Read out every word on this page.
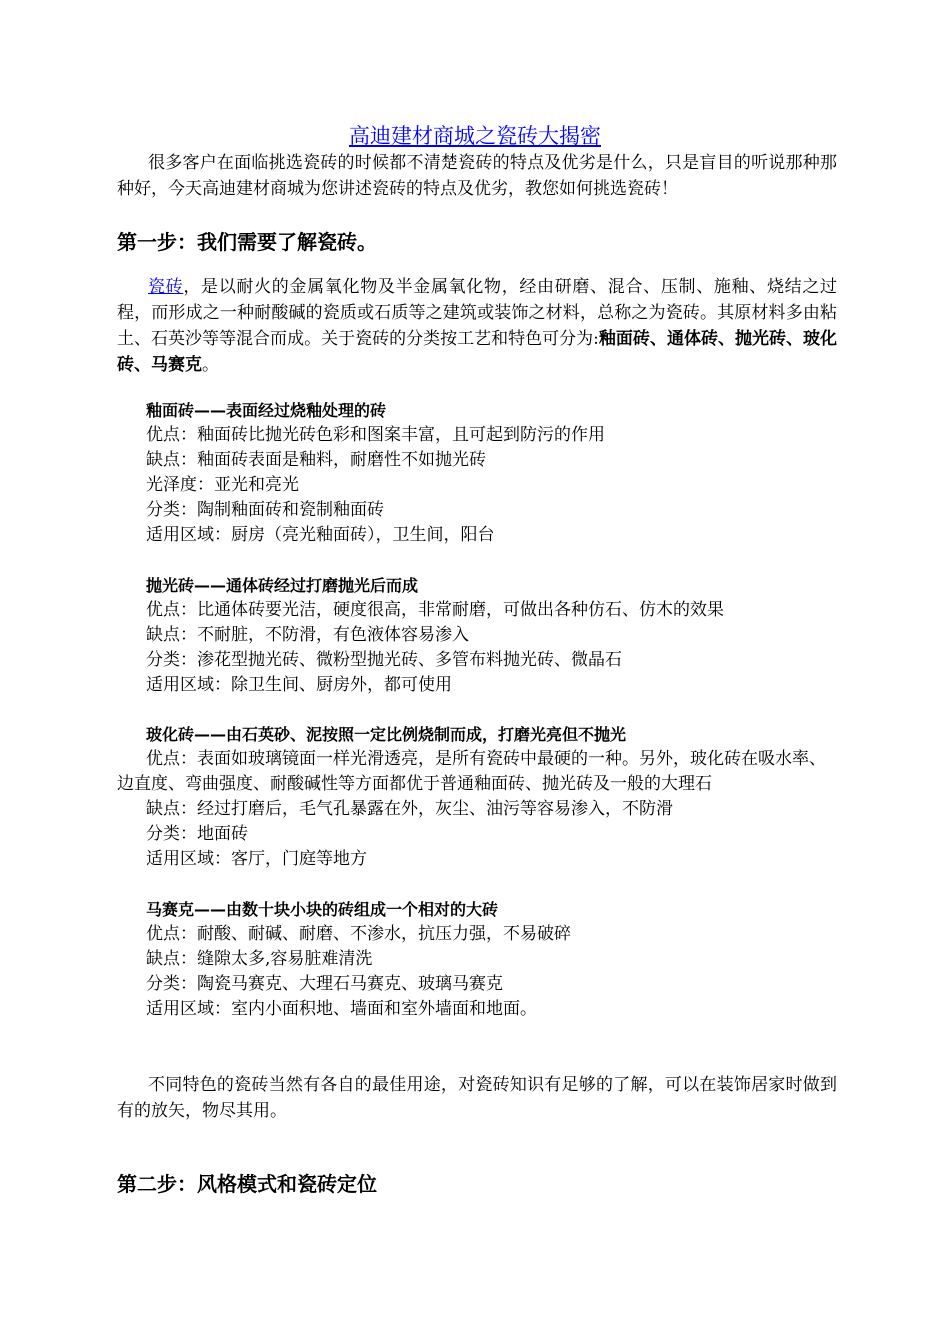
高迪建材商城之瓷砖大揭密
很多客户在面临挑选瓷砖的时候都不清楚瓷砖的特点及优劣是什么，只是盲目的听说那种那种好，今天高迪建材商城为您讲述瓷砖的特点及优劣，教您如何挑选瓷砖！
第一步：我们需要了解瓷砖。
瓷砖，是以耐火的金属氧化物及半金属氧化物，经由研磨、混合、压制、施釉、烧结之过程，而形成之一种耐酸碱的瓷质或石质等之建筑或装饰之材料，总称之为瓷砖。其原材料多由粘土、石英沙等等混合而成。关于瓷砖的分类按工艺和特色可分为:釉面砖、通体砖、抛光砖、玻化砖、马赛克。
釉面砖——表面经过烧釉处理的砖
优点：釉面砖比抛光砖色彩和图案丰富，且可起到防污的作用
缺点：釉面砖表面是釉料，耐磨性不如抛光砖
光泽度：亚光和亮光
分类：陶制釉面砖和瓷制釉面砖
适用区域：厨房（亮光釉面砖），卫生间，阳台
抛光砖——通体砖经过打磨抛光后而成
优点：比通体砖要光洁，硬度很高，非常耐磨，可做出各种仿石、仿木的效果
缺点：不耐脏，不防滑，有色液体容易渗入
分类：渗花型抛光砖、微粉型抛光砖、多管布料抛光砖、微晶石
适用区域：除卫生间、厨房外，都可使用
玻化砖——由石英砂、泥按照一定比例烧制而成，打磨光亮但不抛光
优点：表面如玻璃镜面一样光滑透亮，是所有瓷砖中最硬的一种。另外，玻化砖在吸水率、边直度、弯曲强度、耐酸碱性等方面都优于普通釉面砖、抛光砖及一般的大理石
缺点：经过打磨后，毛气孔暴露在外，灰尘、油污等容易渗入，不防滑
分类：地面砖
适用区域：客厅，门庭等地方
马赛克——由数十块小块的砖组成一个相对的大砖
优点：耐酸、耐碱、耐磨、不渗水，抗压力强，不易破碎
缺点：缝隙太多,容易脏难清洗
分类：陶瓷马赛克、大理石马赛克、玻璃马赛克
适用区域：室内小面积地、墙面和室外墙面和地面。
不同特色的瓷砖当然有各自的最佳用途，对瓷砖知识有足够的了解，可以在装饰居家时做到有的放矢，物尽其用。
第二步：风格模式和瓷砖定位
